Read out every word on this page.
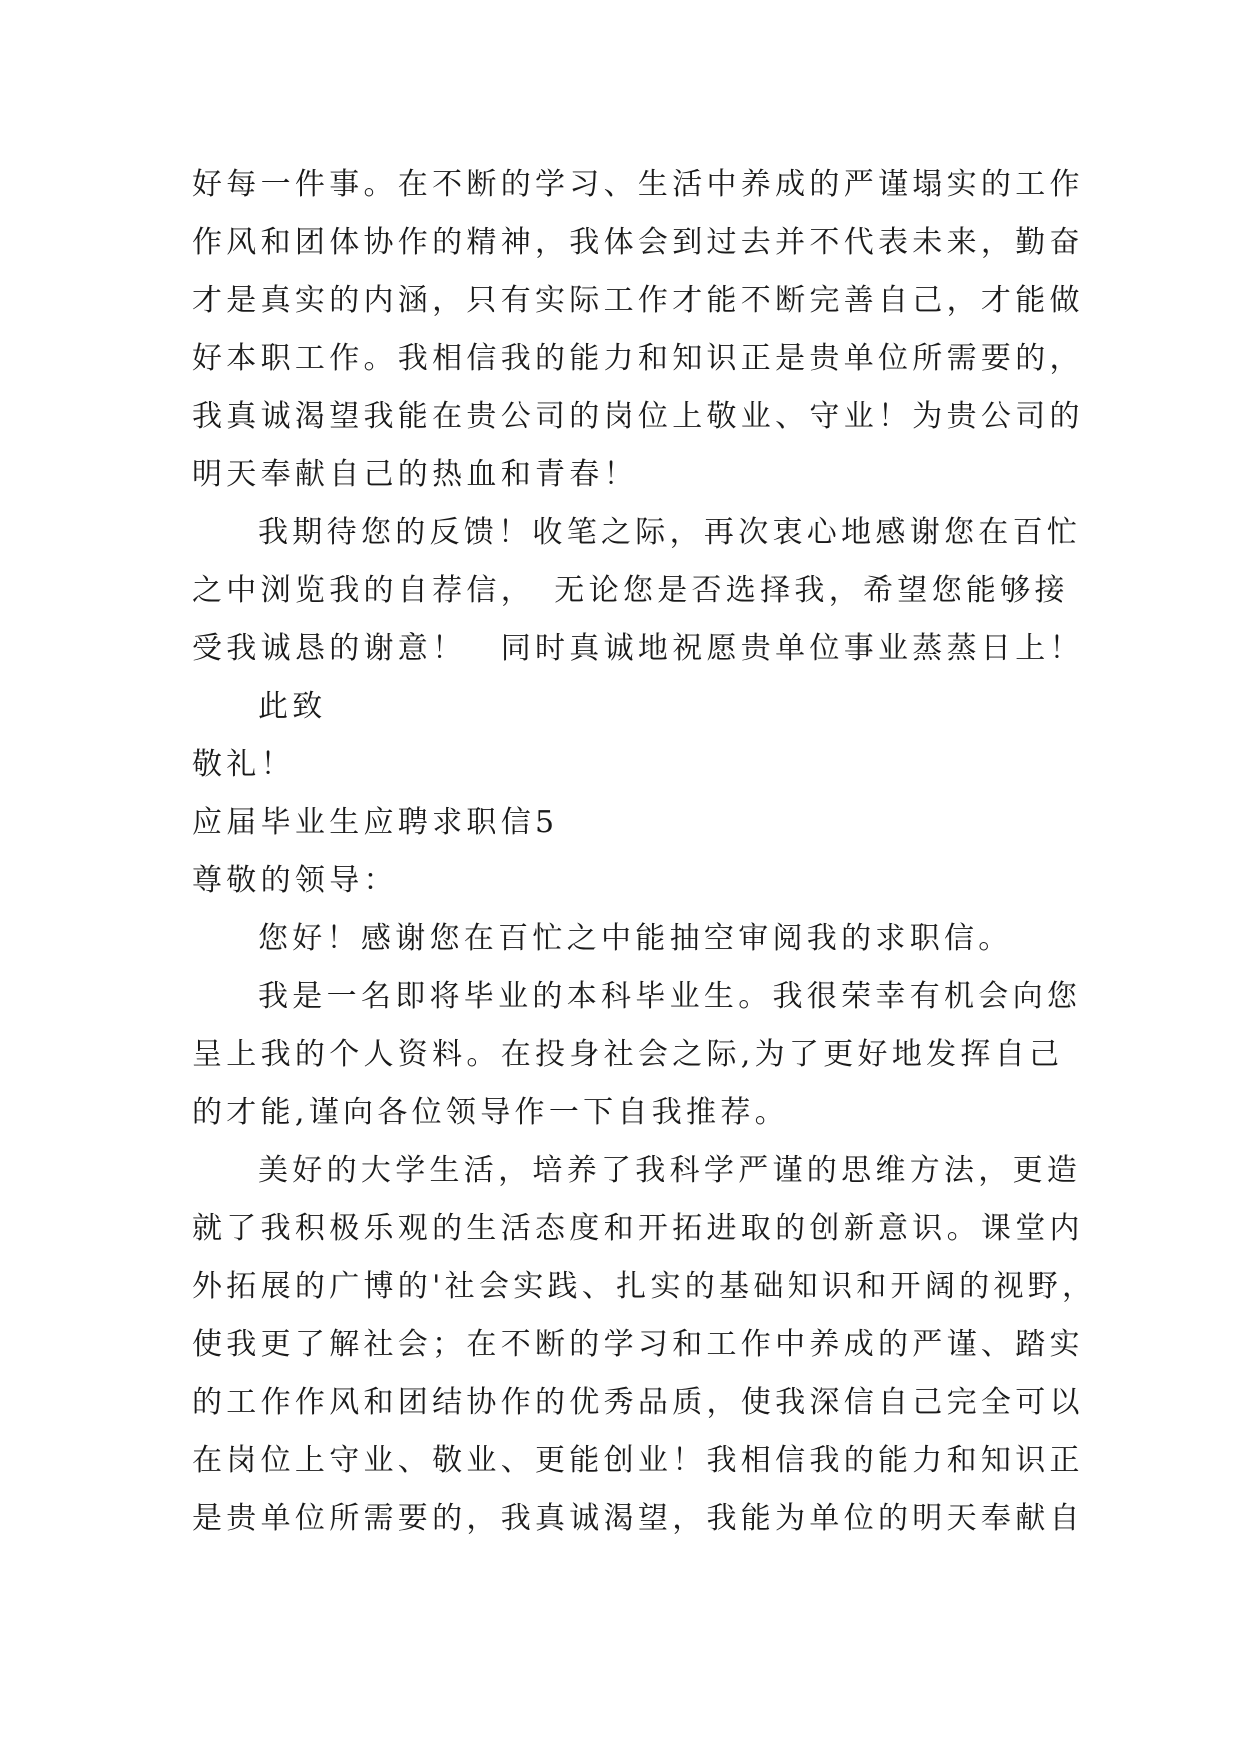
好每一件事。在不断的学习、生活中养成的严谨塌实的工作
作风和团体协作的精神，我体会到过去并不代表未来，勤奋
才是真实的内涵，只有实际工作才能不断完善自己，才能做
好本职工作。我相信我的能力和知识正是贵单位所需要的，
我真诚渴望我能在贵公司的岗位上敬业、守业！为贵公司的
明天奉献自己的热血和青春！
我期待您的反馈！收笔之际，再次衷心地感谢您在百忙
之中浏览我的自荐信，　无论您是否选择我，希望您能够接
受我诚恳的谢意！　同时真诚地祝愿贵单位事业蒸蒸日上！
此致
敬礼！
应届毕业生应聘求职信5
尊敬的领导：
您好！感谢您在百忙之中能抽空审阅我的求职信。
我是一名即将毕业的本科毕业生。我很荣幸有机会向您
呈上我的个人资料。在投身社会之际,为了更好地发挥自己
的才能,谨向各位领导作一下自我推荐。
美好的大学生活，培养了我科学严谨的思维方法，更造
就了我积极乐观的生活态度和开拓进取的创新意识。课堂内
外拓展的广博的'社会实践、扎实的基础知识和开阔的视野，
使我更了解社会；在不断的学习和工作中养成的严谨、踏实
的工作作风和团结协作的优秀品质，使我深信自己完全可以
在岗位上守业、敬业、更能创业！我相信我的能力和知识正
是贵单位所需要的，我真诚渴望，我能为单位的明天奉献自
